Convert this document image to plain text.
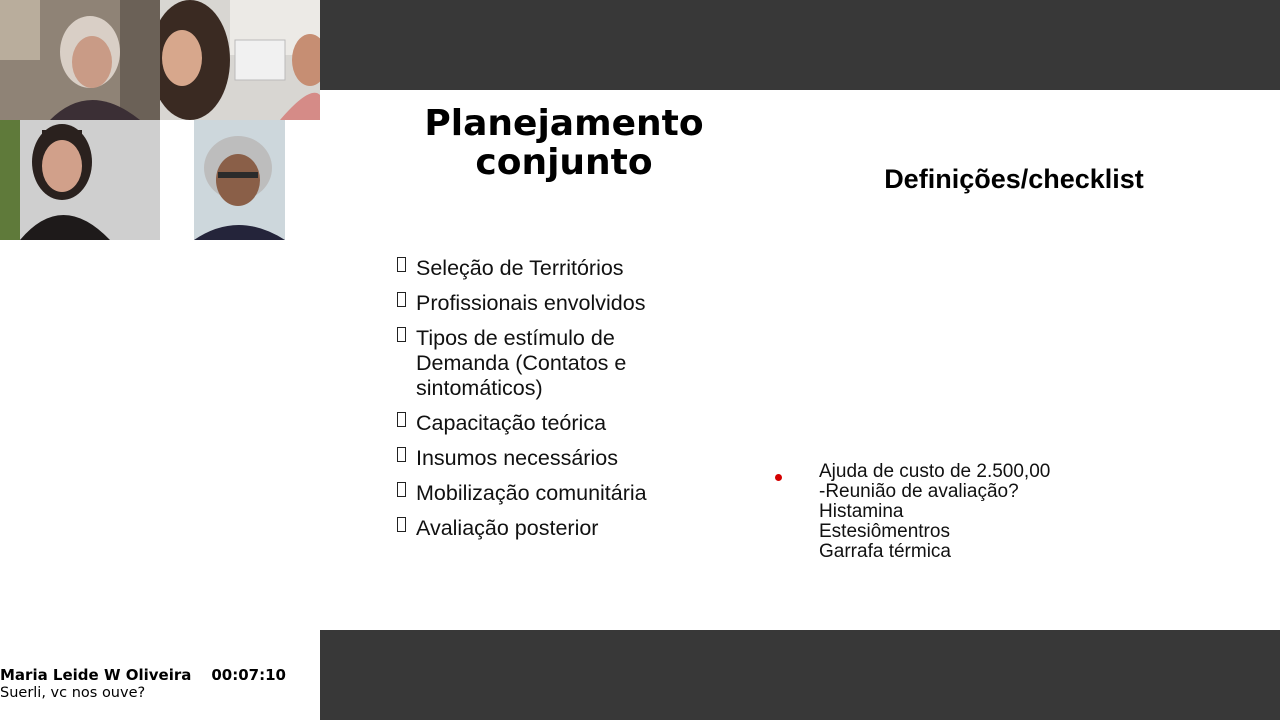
Maria Leide W Oliveira 00:07:10
Suerli, vc nos ouve?
Planejamento
conjunto	Definições/checklist
Seleção de Territórios
Profissionais envolvidos
Tipos de estímulo de Demanda (Contatos e sintomáticos)
Capacitação teórica
Insumos necessários
Mobilização comunitária
Avaliação posterior
Ajuda de custo de 2.500,00
-Reunião de avaliação?
Histamina
Estesiômentros
Garrafa térmica
